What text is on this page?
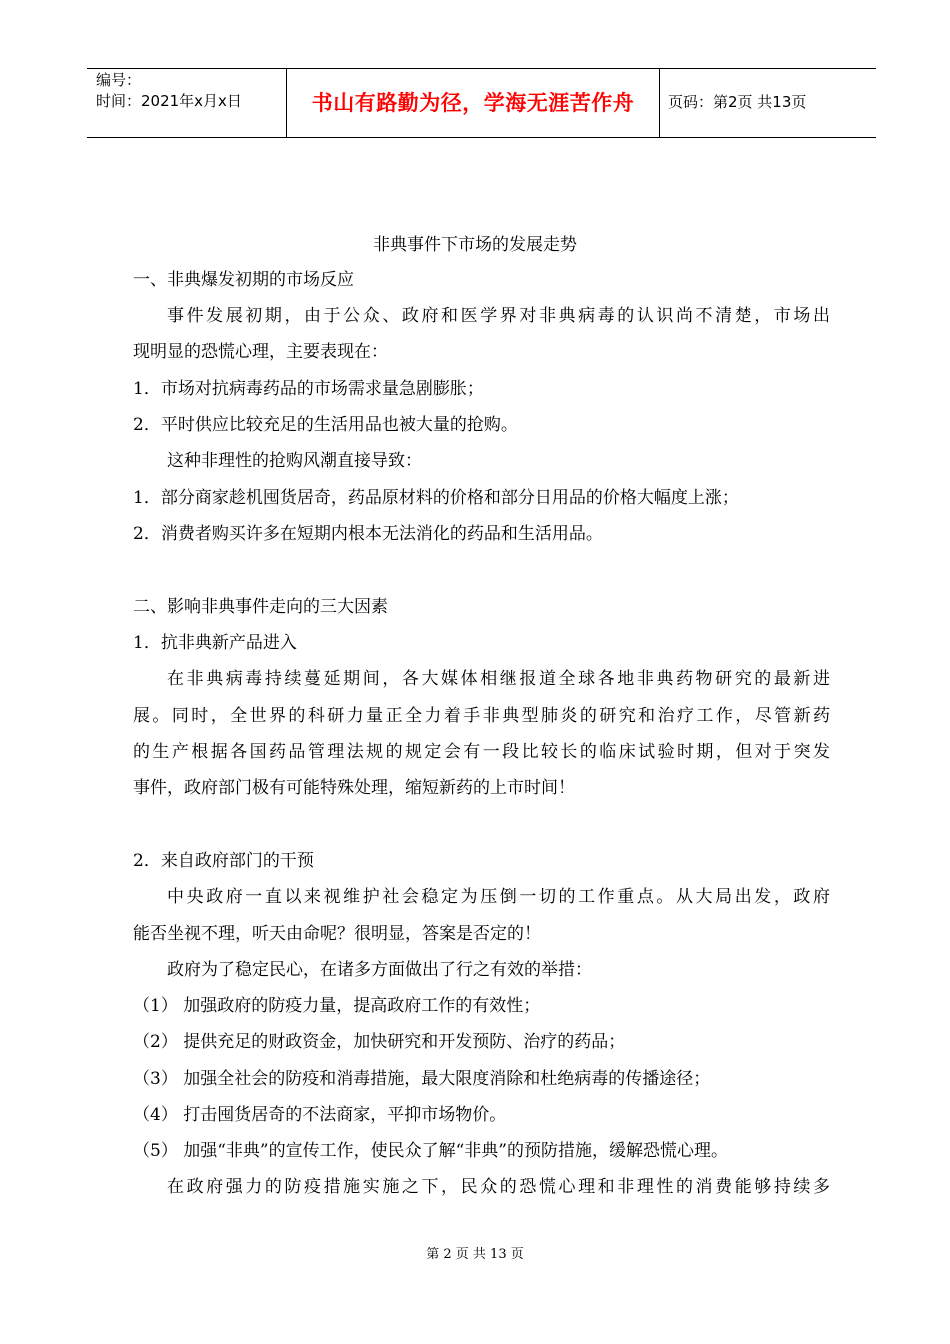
编号：
时间：2021年x月x日	书山有路勤为径，学海无涯苦作舟	页码：第2页 共13页
非典事件下市场的发展走势
一、非典爆发初期的市场反应
事件发展初期，由于公众、政府和医学界对非典病毒的认识尚不清楚，市场出
现明显的恐慌心理，主要表现在：
1．市场对抗病毒药品的市场需求量急剧膨胀；
2．平时供应比较充足的生活用品也被大量的抢购。
这种非理性的抢购风潮直接导致：
1．部分商家趁机囤货居奇，药品原材料的价格和部分日用品的价格大幅度上涨；
2．消费者购买许多在短期内根本无法消化的药品和生活用品。
二、影响非典事件走向的三大因素
1．抗非典新产品进入
在非典病毒持续蔓延期间，各大媒体相继报道全球各地非典药物研究的最新进
展。同时，全世界的科研力量正全力着手非典型肺炎的研究和治疗工作，尽管新药
的生产根据各国药品管理法规的规定会有一段比较长的临床试验时期，但对于突发
事件，政府部门极有可能特殊处理，缩短新药的上市时间！
2．来自政府部门的干预
中央政府一直以来视维护社会稳定为压倒一切的工作重点。从大局出发，政府
能否坐视不理，听天由命呢？很明显，答案是否定的！
政府为了稳定民心，在诸多方面做出了行之有效的举措：
（1） 加强政府的防疫力量，提高政府工作的有效性；
（2） 提供充足的财政资金，加快研究和开发预防、治疗的药品；
（3） 加强全社会的防疫和消毒措施，最大限度消除和杜绝病毒的传播途径；
（4） 打击囤货居奇的不法商家，平抑市场物价。
（5） 加强“非典”的宣传工作，使民众了解“非典”的预防措施，缓解恐慌心理。
在政府强力的防疫措施实施之下，民众的恐慌心理和非理性的消费能够持续多
第 2 页 共 13 页
